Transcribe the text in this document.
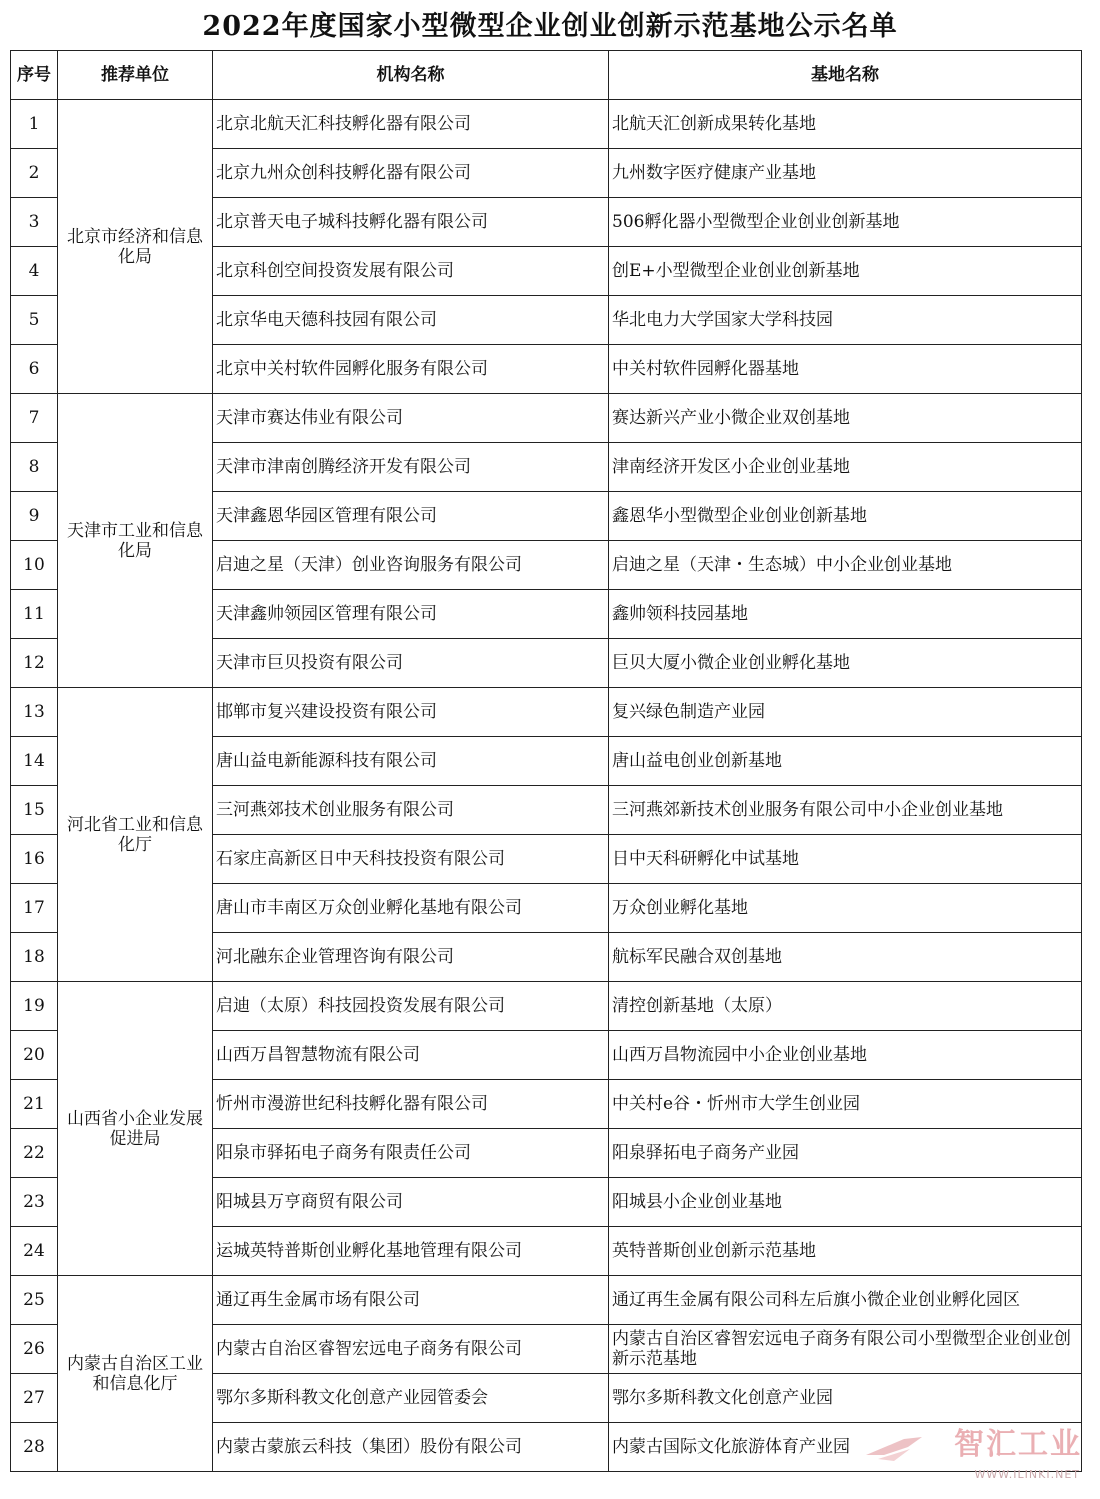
2022年度国家小型微型企业创业创新示范基地公示名单
序号	推荐单位	机构名称	基地名称
1	北京市经济和信息化局	北京北航天汇科技孵化器有限公司	北航天汇创新成果转化基地
2		北京九州众创科技孵化器有限公司	九州数字医疗健康产业基地
3		北京普天电子城科技孵化器有限公司	506孵化器小型微型企业创业创新基地
4		北京科创空间投资发展有限公司	创E+小型微型企业创业创新基地
5		北京华电天德科技园有限公司	华北电力大学国家大学科技园
6		北京中关村软件园孵化服务有限公司	中关村软件园孵化器基地
7	天津市工业和信息化局	天津市赛达伟业有限公司	赛达新兴产业小微企业双创基地
8		天津市津南创腾经济开发有限公司	津南经济开发区小企业创业基地
9		天津鑫恩华园区管理有限公司	鑫恩华小型微型企业创业创新基地
10		启迪之星（天津）创业咨询服务有限公司	启迪之星（天津・生态城）中小企业创业基地
11		天津鑫帅领园区管理有限公司	鑫帅领科技园基地
12		天津市巨贝投资有限公司	巨贝大厦小微企业创业孵化基地
13	河北省工业和信息化厅	邯郸市复兴建设投资有限公司	复兴绿色制造产业园
14		唐山益电新能源科技有限公司	唐山益电创业创新基地
15		三河燕郊技术创业服务有限公司	三河燕郊新技术创业服务有限公司中小企业创业基地
16		石家庄高新区日中天科技投资有限公司	日中天科研孵化中试基地
17		唐山市丰南区万众创业孵化基地有限公司	万众创业孵化基地
18		河北融东企业管理咨询有限公司	航标军民融合双创基地
19	山西省小企业发展促进局	启迪（太原）科技园投资发展有限公司	清控创新基地（太原）
20		山西万昌智慧物流有限公司	山西万昌物流园中小企业创业基地
21		忻州市漫游世纪科技孵化器有限公司	中关村e谷・忻州市大学生创业园
22		阳泉市驿拓电子商务有限责任公司	阳泉驿拓电子商务产业园
23		阳城县万亨商贸有限公司	阳城县小企业创业基地
24		运城英特普斯创业孵化基地管理有限公司	英特普斯创业创新示范基地
25	内蒙古自治区工业和信息化厅	通辽再生金属市场有限公司	通辽再生金属有限公司科左后旗小微企业创业孵化园区
26		内蒙古自治区睿智宏远电子商务有限公司	内蒙古自治区睿智宏远电子商务有限公司小型微型企业创业创新示范基地
27		鄂尔多斯科教文化创意产业园管委会	鄂尔多斯科教文化创意产业园
28		内蒙古蒙旅云科技（集团）股份有限公司	内蒙古国际文化旅游体育产业园	智汇工业
WWW.ILINKI.NET
